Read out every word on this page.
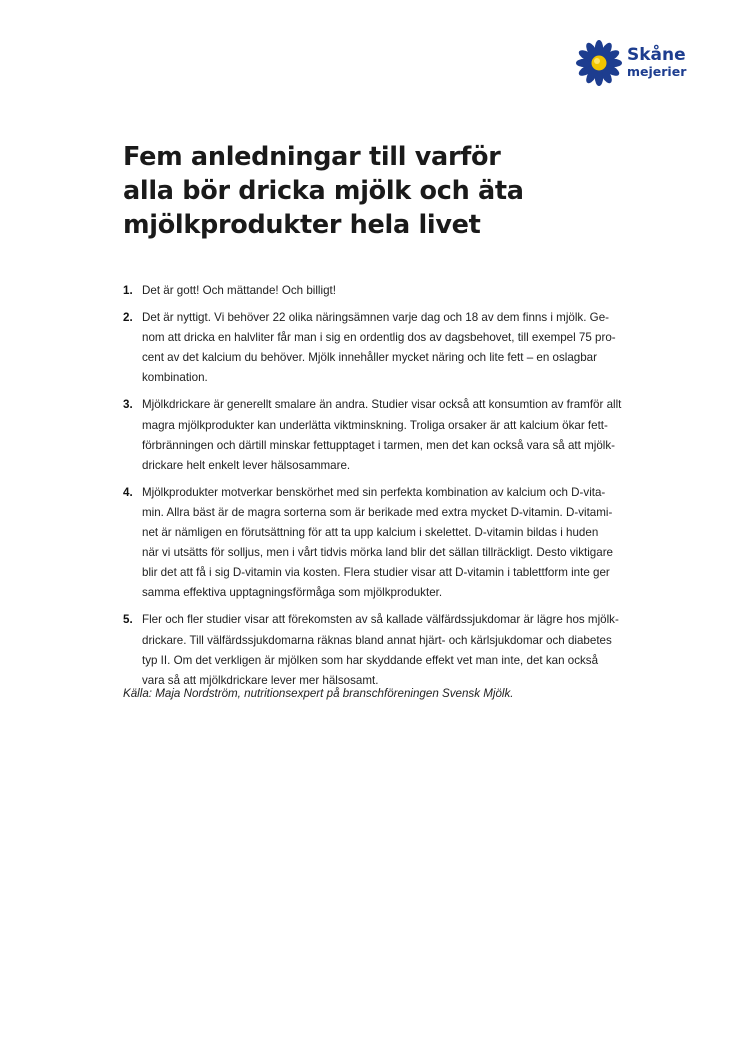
Skåne
mejerier
Fem anledningar till varför
alla bör dricka mjölk och äta
mjölkprodukter hela livet
1. Det är gott! Och mättande! Och billigt!
2. Det är nyttigt. Vi behöver 22 olika näringsämnen varje dag och 18 av dem finns i mjölk. Ge-
nom att dricka en halvliter får man i sig en ordentlig dos av dagsbehovet, till exempel 75 pro-
cent av det kalcium du behöver. Mjölk innehåller mycket näring och lite fett – en oslagbar
kombination.
3. Mjölkdrickare är generellt smalare än andra. Studier visar också att konsumtion av framför allt
magra mjölkprodukter kan underlätta viktminskning. Troliga orsaker är att kalcium ökar fett-
förbränningen och därtill minskar fettupptaget i tarmen, men det kan också vara så att mjölk-
drickare helt enkelt lever hälsosammare.
4. Mjölkprodukter motverkar benskörhet med sin perfekta kombination av kalcium och D-vita-
min. Allra bäst är de magra sorterna som är berikade med extra mycket D-vitamin. D-vitami-
net är nämligen en förutsättning för att ta upp kalcium i skelettet. D-vitamin bildas i huden
när vi utsätts för solljus, men i vårt tidvis mörka land blir det sällan tillräckligt. Desto viktigare
blir det att få i sig D-vitamin via kosten. Flera studier visar att D-vitamin i tablettform inte ger
samma effektiva upptagningsförmåga som mjölkprodukter.
5. Fler och fler studier visar att förekomsten av så kallade välfärdssjukdomar är lägre hos mjölk-
drickare. Till välfärdssjukdomarna räknas bland annat hjärt- och kärlsjukdomar och diabetes
typ II. Om det verkligen är mjölken som har skyddande effekt vet man inte, det kan också
vara så att mjölkdrickare lever mer hälsosamt.

Källa: Maja Nordström, nutritionsexpert på branschföreningen Svensk Mjölk.
